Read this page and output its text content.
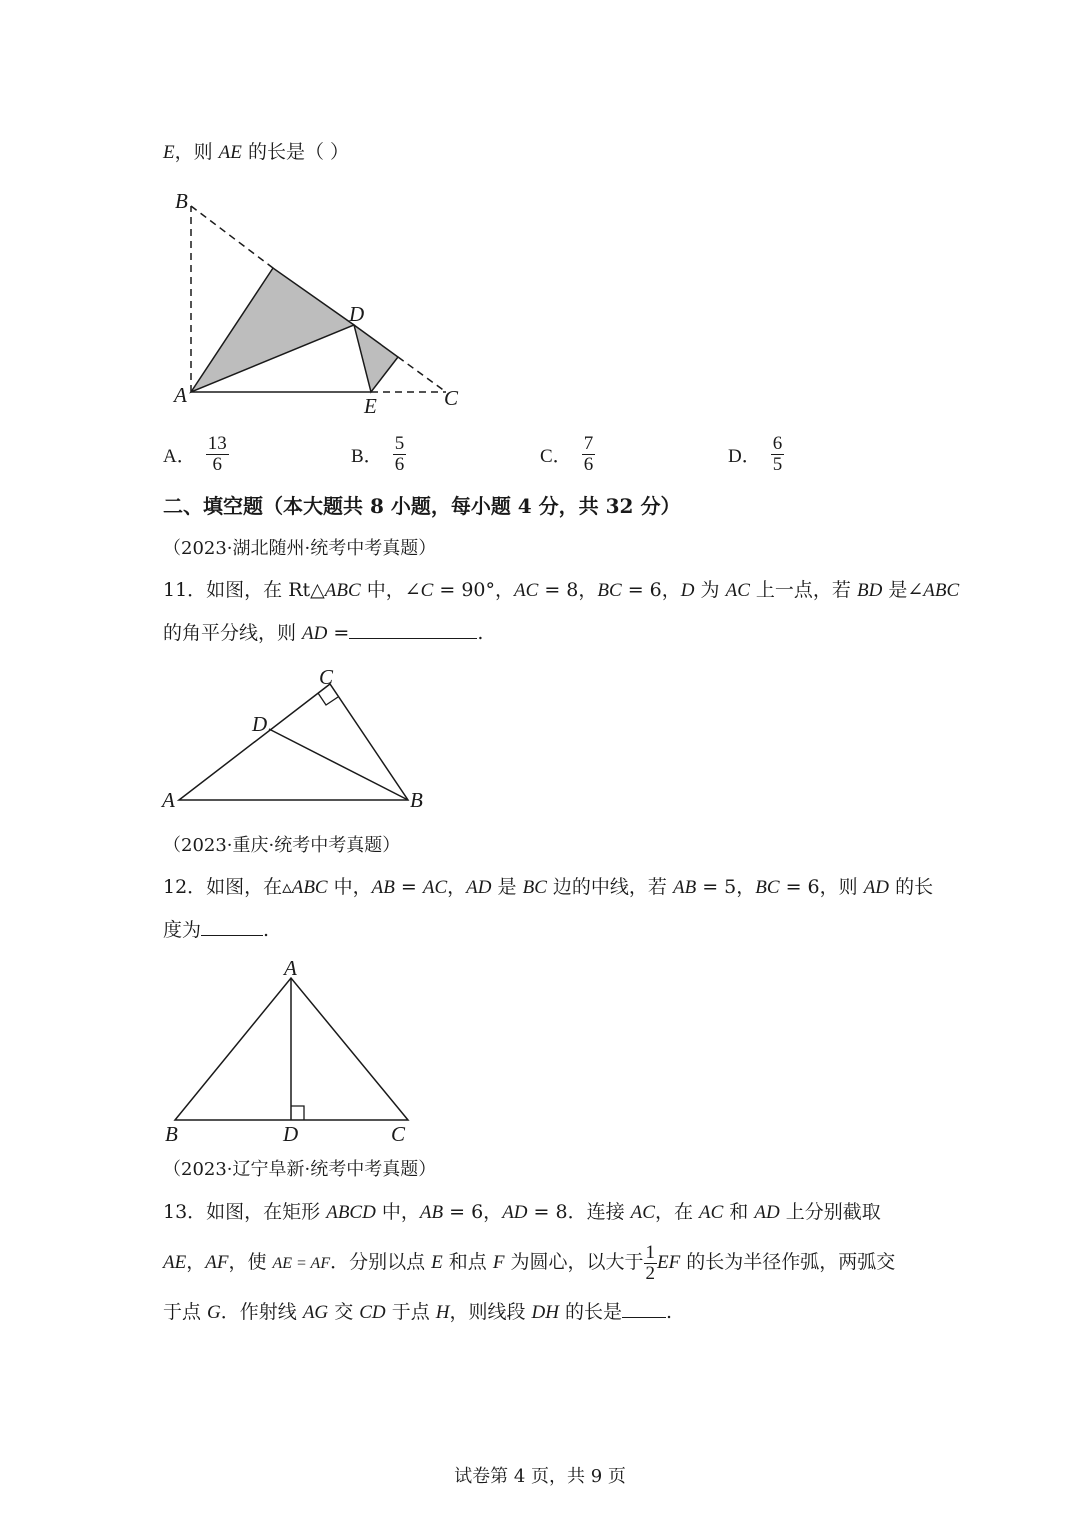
E，则 AE 的长是（ ）
B
D
A	E	C
A． $\frac{13}{6}$	B． $\frac{5}{6}$	C． $\frac{7}{6}$	D． $\frac{6}{5}$
二、填空题（本大题共 8 小题，每小题 4 分，共 32 分）
（2023·湖北随州·统考中考真题）
11．如图，在 Rt△ABC 中，∠C = 90°，AC = 8，BC = 6，D 为 AC 上一点，若 BD 是∠ABC
的角平分线，则 AD =	.
C
D
A	B
（2023·重庆·统考中考真题）
12．如图，在▵ABC 中，AB = AC，AD 是 BC 边的中线，若 AB = 5，BC = 6，则 AD 的长
度为	.
A
B	D	C
（2023·辽宁阜新·统考中考真题）
13．如图，在矩形 ABCD 中，AB = 6，AD = 8．连接 AC，在 AC 和 AD 上分别截取
AE，AF，使 AE = AF．分别以点 E 和点 F 为圆心，以大于 $\frac{1}{2}$ EF 的长为半径作弧，两弧交
于点 G．作射线 AG 交 CD 于点 H，则线段 DH 的长是 .
试卷第 4 页，共 9 页
